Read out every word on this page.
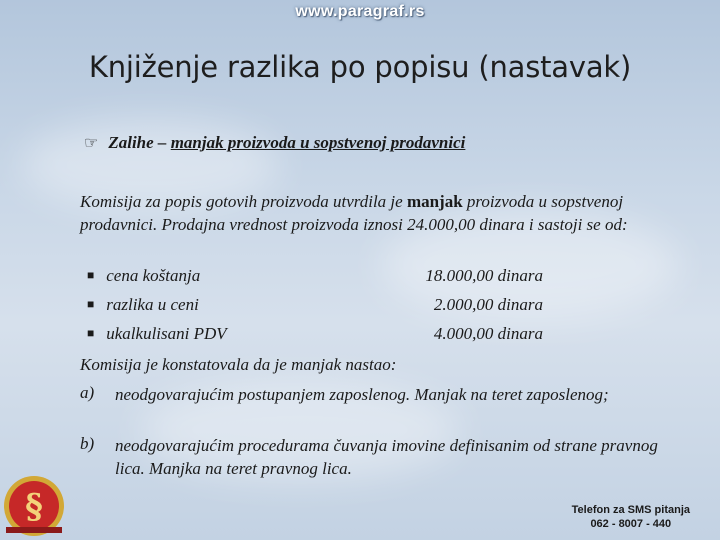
www.paragraf.rs
Knjiženje razlika po popisu (nastavak)
☞ Zalihe – manjak proizvoda u sopstvenoj prodavnici
Komisija za popis gotovih proizvoda utvrdila je manjak proizvoda u sopstvenoj prodavnici. Prodajna vrednost proizvoda iznosi 24.000,00 dinara i sastoji se od:
■ cena koštanja	18.000,00 dinara
■ razlika u ceni	2.000,00 dinara
■ ukalkulisani PDV	4.000,00 dinara
Komisija je konstatovala da je manjak nastao:
a) neodgovarajućim postupanjem zaposlenog. Manjak na teret zaposlenog;
b) neodgovarajućim procedurama čuvanja imovine definisanim od strane pravnog lica. Manjka na teret pravnog lica.
§	Telefon za SMS pitanja
062 - 8007 - 440
